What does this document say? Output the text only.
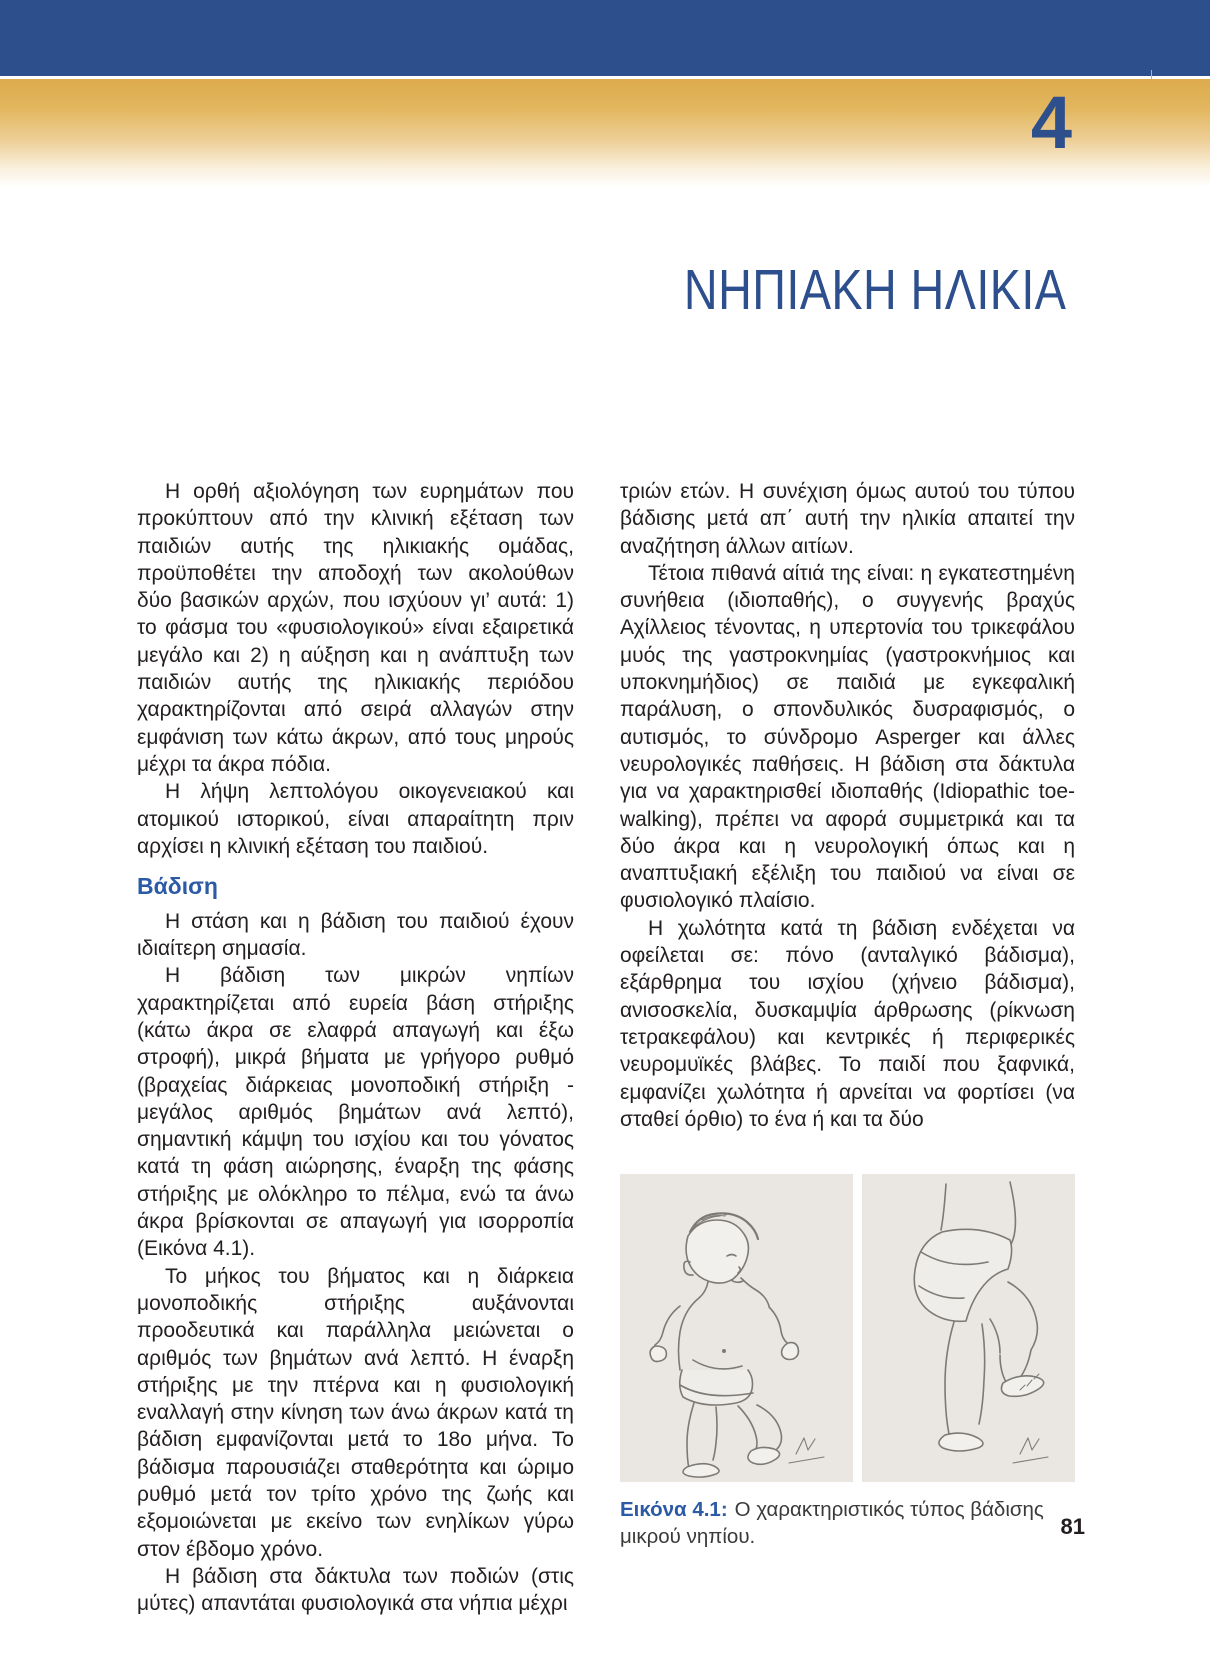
4
ΝΗΠΙΑΚΗ ΗΛΙΚΙΑ

Η ορθή αξιολόγηση των ευρημάτων που προκύπτουν από την κλινική εξέταση των παιδιών αυτής της ηλικιακής ομάδας, προϋποθέτει την αποδοχή των ακολούθων δύο βασικών αρχών, που ισχύουν γι’ αυτά: 1) το φάσμα του «φυσιολογικού» είναι εξαιρετικά μεγάλο και 2) η αύξηση και η ανάπτυξη των παιδιών αυτής της ηλικιακής περιόδου χαρακτηρίζονται από σειρά αλλαγών στην εμφάνιση των κάτω άκρων, από τους μηρούς μέχρι τα άκρα πόδια.

Η λήψη λεπτολόγου οικογενειακού και ατομικού ιστορικού, είναι απαραίτητη πριν αρχίσει η κλινική εξέταση του παιδιού.

Βάδιση

Η στάση και η βάδιση του παιδιού έχουν ιδιαίτερη σημασία.

Η βάδιση των μικρών νηπίων χαρακτηρίζεται από ευρεία βάση στήριξης (κάτω άκρα σε ελαφρά απαγωγή και έξω στροφή), μικρά βήματα με γρήγορο ρυθμό (βραχείας διάρκειας μονοποδική στήριξη - μεγάλος αριθμός βημάτων ανά λεπτό), σημαντική κάμψη του ισχίου και του γόνατος κατά τη φάση αιώρησης, έναρξη της φάσης στήριξης με ολόκληρο το πέλμα, ενώ τα άνω άκρα βρίσκονται σε απαγωγή για ισορροπία (Εικόνα 4.1).

Το μήκος του βήματος και η διάρκεια μονοποδικής στήριξης αυξάνονται προοδευτικά και παράλληλα μειώνεται ο αριθμός των βημάτων ανά λεπτό. Η έναρξη στήριξης με την πτέρνα και η φυσιολογική εναλλαγή στην κίνηση των άνω άκρων κατά τη βάδιση εμφανίζονται μετά το 18ο μήνα. Το βάδισμα παρουσιάζει σταθερότητα και ώριμο ρυθμό μετά τον τρίτο χρόνο της ζωής και εξομοιώνεται με εκείνο των ενηλίκων γύρω στον έβδομο χρόνο.

Η βάδιση στα δάκτυλα των ποδιών (στις μύτες) απαντάται φυσιολογικά στα νήπια μέχρι

τριών ετών. Η συνέχιση όμως αυτού του τύπου βάδισης μετά απ΄ αυτή την ηλικία απαιτεί την αναζήτηση άλλων αιτίων.

Τέτοια πιθανά αίτιά της είναι: η εγκατεστημένη συνήθεια (ιδιοπαθής), ο συγγενής βραχύς Αχίλλειος τένοντας, η υπερτονία του τρικεφάλου μυός της γαστροκνημίας (γαστροκνήμιος και υποκνημήδιος) σε παιδιά με εγκεφαλική παράλυση, ο σπονδυλικός δυσραφισμός, ο αυτισμός, το σύνδρομο Asperger και άλλες νευρολογικές παθήσεις. Η βάδιση στα δάκτυλα για να χαρακτηρισθεί ιδιοπαθής (Idiopathic toe-walking), πρέπει να αφορά συμμετρικά και τα δύο άκρα και η νευρολογική όπως και η αναπτυξιακή εξέλιξη του παιδιού να είναι σε φυσιολογικό πλαίσιο.

Η χωλότητα κατά τη βάδιση ενδέχεται να οφείλεται σε: πόνο (ανταλγικό βάδισμα), εξάρθρημα του ισχίου (χήνειο βάδισμα), ανισοσκελία, δυσκαμψία άρθρωσης (ρίκνωση τετρακεφάλου) και κεντρικές ή περιφερικές νευρομυϊκές βλάβες. Το παιδί που ξαφνικά, εμφανίζει χωλότητα ή αρνείται να φορτίσει (να σταθεί όρθιο) το ένα ή και τα δύο

Εικόνα 4.1: Ο χαρακτηριστικός τύπος βάδισης μικρού νηπίου.	81
